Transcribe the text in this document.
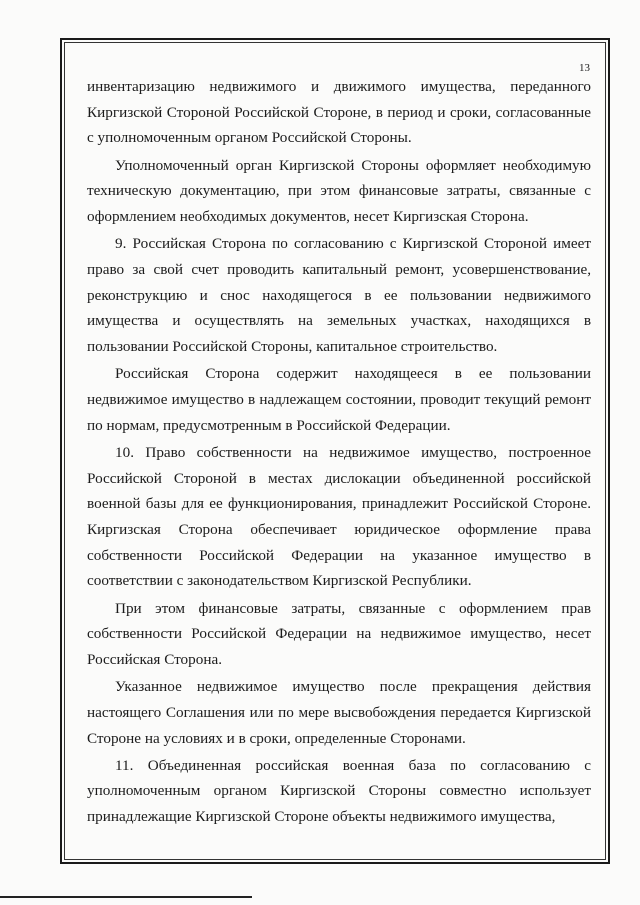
13

инвентаризацию недвижимого и движимого имущества, переданного Киргизской Стороной Российской Стороне, в период и сроки, согласованные с уполномоченным органом Российской Стороны.

Уполномоченный орган Киргизской Стороны оформляет необходимую техническую документацию, при этом финансовые затраты, связанные с оформлением необходимых документов, несет Киргизская Сторона.

9. Российская Сторона по согласованию с Киргизской Стороной имеет право за свой счет проводить капитальный ремонт, усовершенствование, реконструкцию и снос находящегося в ее пользовании недвижимого имущества и осуществлять на земельных участках, находящихся в пользовании Российской Стороны, капитальное строительство.

Российская Сторона содержит находящееся в ее пользовании недвижимое имущество в надлежащем состоянии, проводит текущий ремонт по нормам, предусмотренным в Российской Федерации.

10. Право собственности на недвижимое имущество, построенное Российской Стороной в местах дислокации объединенной российской военной базы для ее функционирования, принадлежит Российской Стороне. Киргизская Сторона обеспечивает юридическое оформление права собственности Российской Федерации на указанное имущество в соответствии с законодательством Киргизской Республики.

При этом финансовые затраты, связанные с оформлением прав собственности Российской Федерации на недвижимое имущество, несет Российская Сторона.

Указанное недвижимое имущество после прекращения действия настоящего Соглашения или по мере высвобождения передается Киргизской Стороне на условиях и в сроки, определенные Сторонами.

11. Объединенная российская военная база по согласованию с уполномоченным органом Киргизской Стороны совместно использует принадлежащие Киргизской Стороне объекты недвижимого имущества,
